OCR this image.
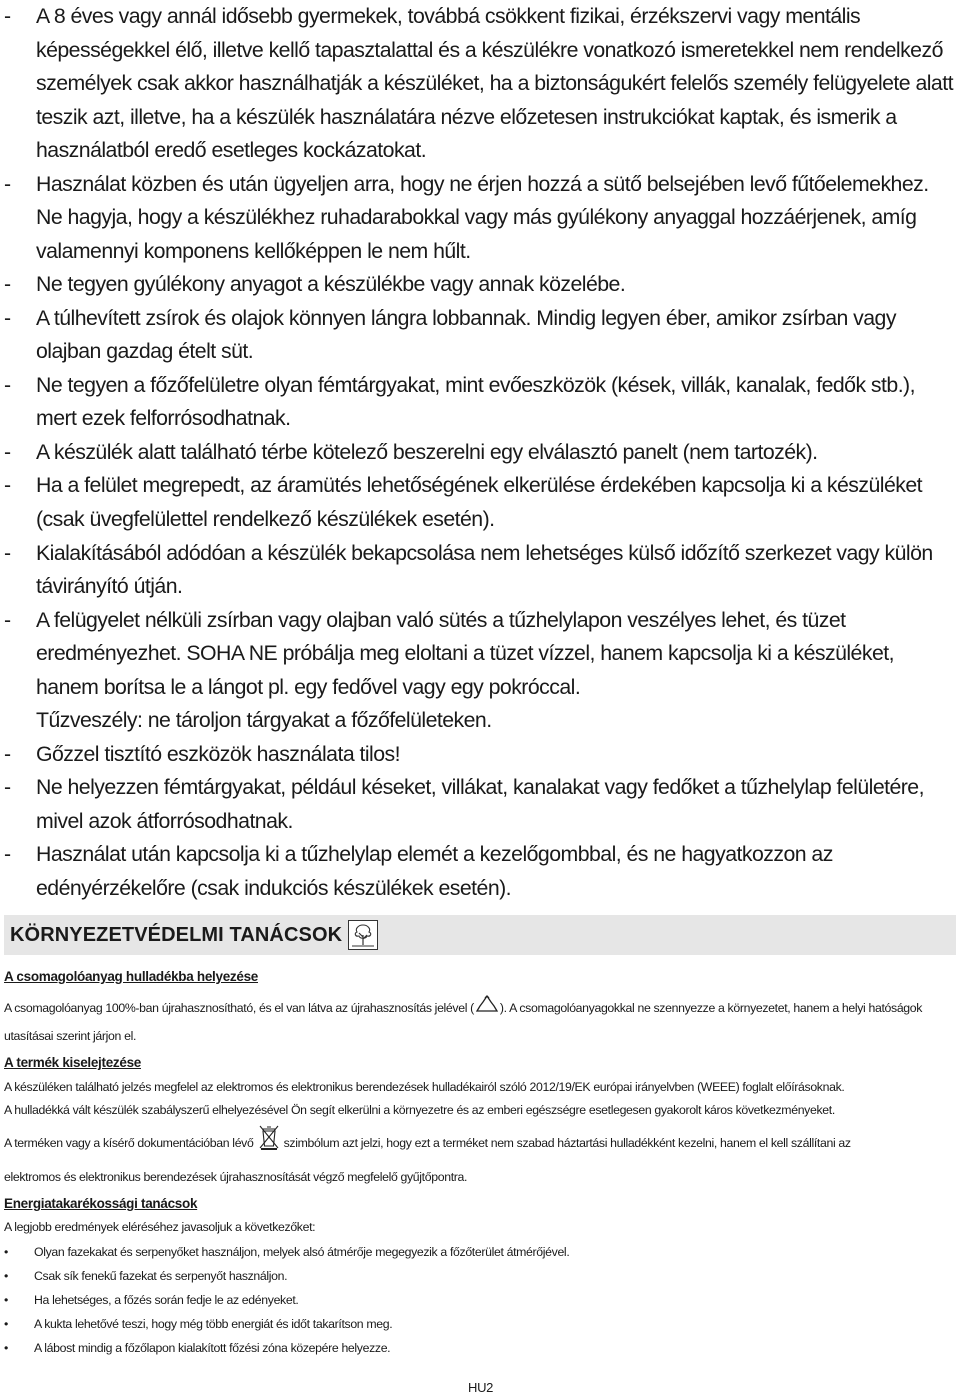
-	A 8 éves vagy annál idősebb gyermekek, továbbá csökkent fizikai, érzékszervi vagy mentális képességekkel élő, illetve kellő tapasztalattal és a készülékre vonatkozó ismeretekkel nem rendelkező személyek csak akkor használhatják a készüléket, ha a biztonságukért felelős személy felügyelete alatt teszik azt, illetve, ha a készülék használatára nézve előzetesen instrukciókat kaptak, és ismerik a használatból eredő esetleges kockázatokat.
-	Használat közben és után ügyeljen arra, hogy ne érjen hozzá a sütő belsejében levő fűtőelemekhez. Ne hagyja, hogy a készülékhez ruhadarabokkal vagy más gyúlékony anyaggal hozzáérjenek, amíg valamennyi komponens kellőképpen le nem hűlt.
-	Ne tegyen gyúlékony anyagot a készülékbe vagy annak közelébe.
-	A túlhevített zsírok és olajok könnyen lángra lobbannak. Mindig legyen éber, amikor zsírban vagy olajban gazdag ételt süt.
-	Ne tegyen a főzőfelületre olyan fémtárgyakat, mint evőeszközök (kések, villák, kanalak, fedők stb.), mert ezek felforrósodhatnak.
-	A készülék alatt található térbe kötelező beszerelni egy elválasztó panelt (nem tartozék).
-	Ha a felület megrepedt, az áramütés lehetőségének elkerülése érdekében kapcsolja ki a készüléket (csak üvegfelülettel rendelkező készülékek esetén).
-	Kialakításából adódóan a készülék bekapcsolása nem lehetséges külső időzítő szerkezet vagy külön távirányító útján.
-	A felügyelet nélküli zsírban vagy olajban való sütés a tűzhelylapon veszélyes lehet, és tüzet eredményezhet. SOHA NE próbálja meg eloltani a tüzet vízzel, hanem kapcsolja ki a készüléket, hanem borítsa le a lángot pl. egy fedővel vagy egy pokróccal.
Tűzveszély: ne tároljon tárgyakat a főzőfelületeken.
-	Gőzzel tisztító eszközök használata tilos!
-	Ne helyezzen fémtárgyakat, például késeket, villákat, kanalakat vagy fedőket a tűzhelylap felületére, mivel azok átforrósodhatnak.
-	Használat után kapcsolja ki a tűzhelylap elemét a kezelőgombbal, és ne hagyatkozzon az edényérzékelőre (csak indukciós készülékek esetén).
KÖRNYEZETVÉDELMI TANÁCSOK

A csomagolóanyag hulladékba helyezése

A csomagolóanyag 100%-ban újrahasznosítható, és el van látva az újrahasznosítás jelével ( ). A csomagolóanyagokkal ne szennyezze a környezetet, hanem a helyi hatóságok utasításai szerint járjon el.

A termék kiselejtezése

A készüléken található jelzés megfelel az elektromos és elektronikus berendezések hulladékairól szóló 2012/19/EK európai irányelvben (WEEE) foglalt előírásoknak.

A hulladékká vált készülék szabályszerű elhelyezésével Ön segít elkerülni a környezetre és az emberi egészségre esetlegesen gyakorolt káros következményeket.

A terméken vagy a kísérő dokumentációban lévő szimbólum azt jelzi, hogy ezt a terméket nem szabad háztartási hulladékként kezelni, hanem el kell szállítani az

elektromos és elektronikus berendezések újrahasznosítását végző megfelelő gyűjtőpontra.

Energiatakarékossági tanácsok

A legjobb eredmények eléréséhez javasoljuk a következőket:

•	Olyan fazekakat és serpenyőket használjon, melyek alsó átmérője megegyezik a főzőterület átmérőjével.
•	Csak sík fenekű fazekat és serpenyőt használjon.
•	Ha lehetséges, a főzés során fedje le az edényeket.
•	A kukta lehetővé teszi, hogy még több energiát és időt takarítson meg.
•	A lábost mindig a főzőlapon kialakított főzési zóna közepére helyezze.
HU2
